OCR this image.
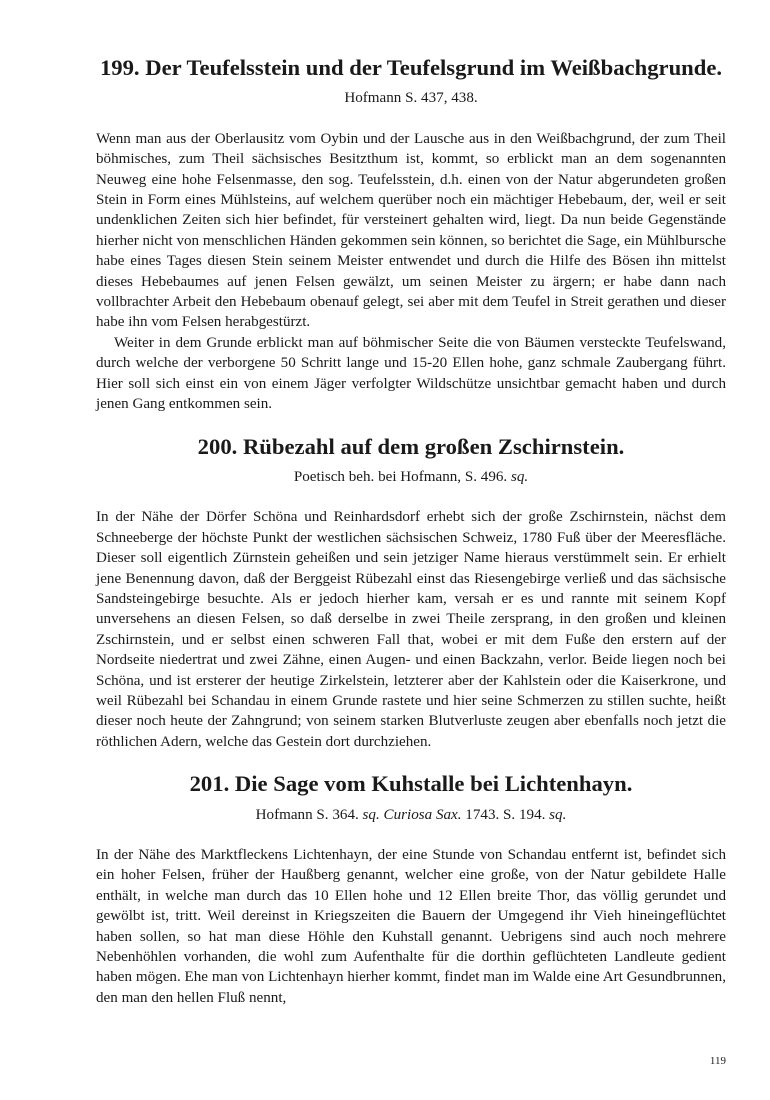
199. Der Teufelsstein und der Teufelsgrund im Weißbachgrunde.

Hofmann S. 437, 438.

Wenn man aus der Oberlausitz vom Oybin und der Lausche aus in den Weißbachgrund, der zum Theil böhmisches, zum Theil sächsisches Besitzthum ist, kommt, so erblickt man an dem sogenannten Neuweg eine hohe Felsenmasse, den sog. Teufelsstein, d.h. einen von der Natur abgerundeten großen Stein in Form eines Mühlsteins, auf welchem querüber noch ein mächtiger Hebebaum, der, weil er seit undenklichen Zeiten sich hier befindet, für versteinert gehalten wird, liegt. Da nun beide Gegenstände hierher nicht von menschlichen Händen gekommen sein können, so berichtet die Sage, ein Mühlbursche habe eines Tages diesen Stein seinem Meister entwendet und durch die Hilfe des Bösen ihn mittelst dieses Hebebaumes auf jenen Felsen gewälzt, um seinen Meister zu ärgern; er habe dann nach vollbrachter Arbeit den Hebebaum obenauf gelegt, sei aber mit dem Teufel in Streit gerathen und dieser habe ihn vom Felsen herabgestürzt.

Weiter in dem Grunde erblickt man auf böhmischer Seite die von Bäumen versteckte Teufelswand, durch welche der verborgene 50 Schritt lange und 15-20 Ellen hohe, ganz schmale Zaubergang führt. Hier soll sich einst ein von einem Jäger verfolgter Wildschütze unsichtbar gemacht haben und durch jenen Gang entkommen sein.

200. Rübezahl auf dem großen Zschirnstein.

Poetisch beh. bei Hofmann, S. 496. sq.

In der Nähe der Dörfer Schöna und Reinhardsdorf erhebt sich der große Zschirnstein, nächst dem Schneeberge der höchste Punkt der westlichen sächsischen Schweiz, 1780 Fuß über der Meeresfläche. Dieser soll eigentlich Zürnstein geheißen und sein jetziger Name hieraus verstümmelt sein. Er erhielt jene Benennung davon, daß der Berggeist Rübezahl einst das Riesengebirge verließ und das sächsische Sandsteingebirge besuchte. Als er jedoch hierher kam, versah er es und rannte mit seinem Kopf unversehens an diesen Felsen, so daß derselbe in zwei Theile zersprang, in den großen und kleinen Zschirnstein, und er selbst einen schweren Fall that, wobei er mit dem Fuße den erstern auf der Nordseite niedertrat und zwei Zähne, einen Augen- und einen Backzahn, verlor. Beide liegen noch bei Schöna, und ist ersterer der heutige Zirkelstein, letzterer aber der Kahlstein oder die Kaiserkrone, und weil Rübezahl bei Schandau in einem Grunde rastete und hier seine Schmerzen zu stillen suchte, heißt dieser noch heute der Zahngrund; von seinem starken Blutverluste zeugen aber ebenfalls noch jetzt die röthlichen Adern, welche das Gestein dort durchziehen.

201. Die Sage vom Kuhstalle bei Lichtenhayn.

Hofmann S. 364. sq. Curiosa Sax. 1743. S. 194. sq.

In der Nähe des Marktfleckens Lichtenhayn, der eine Stunde von Schandau entfernt ist, befindet sich ein hoher Felsen, früher der Haußberg genannt, welcher eine große, von der Natur gebildete Halle enthält, in welche man durch das 10 Ellen hohe und 12 Ellen breite Thor, das völlig gerundet und gewölbt ist, tritt. Weil dereinst in Kriegszeiten die Bauern der Umgegend ihr Vieh hineingeflüchtet haben sollen, so hat man diese Höhle den Kuhstall genannt. Uebrigens sind auch noch mehrere Nebenhöhlen vorhanden, die wohl zum Aufenthalte für die dorthin geflüchteten Landleute gedient haben mögen. Ehe man von Lichtenhayn hierher kommt, findet man im Walde eine Art Gesundbrunnen, den man den hellen Fluß nennt,

119
